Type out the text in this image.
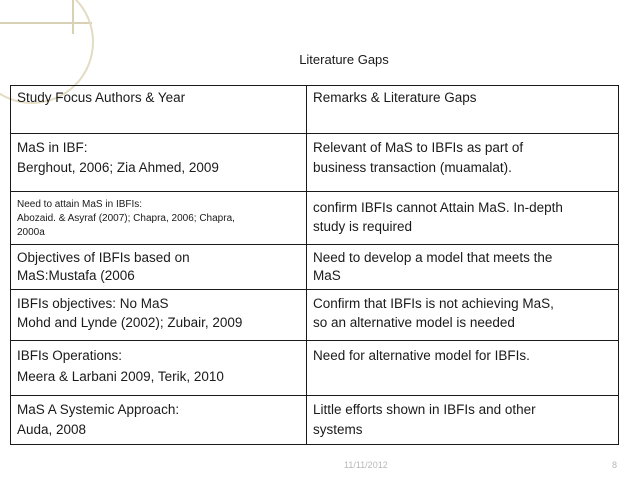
Literature Gaps
Study Focus Authors & Year	Remarks & Literature Gaps

MaS in IBF:
Berghout, 2006; Zia Ahmed, 2009	Relevant of MaS to IBFIs as part of
business transaction (muamalat).

Need to attain MaS in IBFIs:
Abozaid. & Asyraf (2007); Chapra, 2006; Chapra,
2000a	confirm IBFIs cannot Attain MaS. In-depth
study is required

Objectives of IBFIs based on
MaS:Mustafa (2006	Need to develop a model that meets the
MaS

IBFIs objectives: No MaS
Mohd and Lynde (2002); Zubair, 2009	Confirm that IBFIs is not achieving MaS,
so an alternative model is needed

IBFIs Operations:
Meera & Larbani 2009, Terik, 2010	Need for alternative model for IBFIs.

MaS A Systemic Approach:
Auda, 2008	Little efforts shown in IBFIs and other
systems
11/11/2012	8
